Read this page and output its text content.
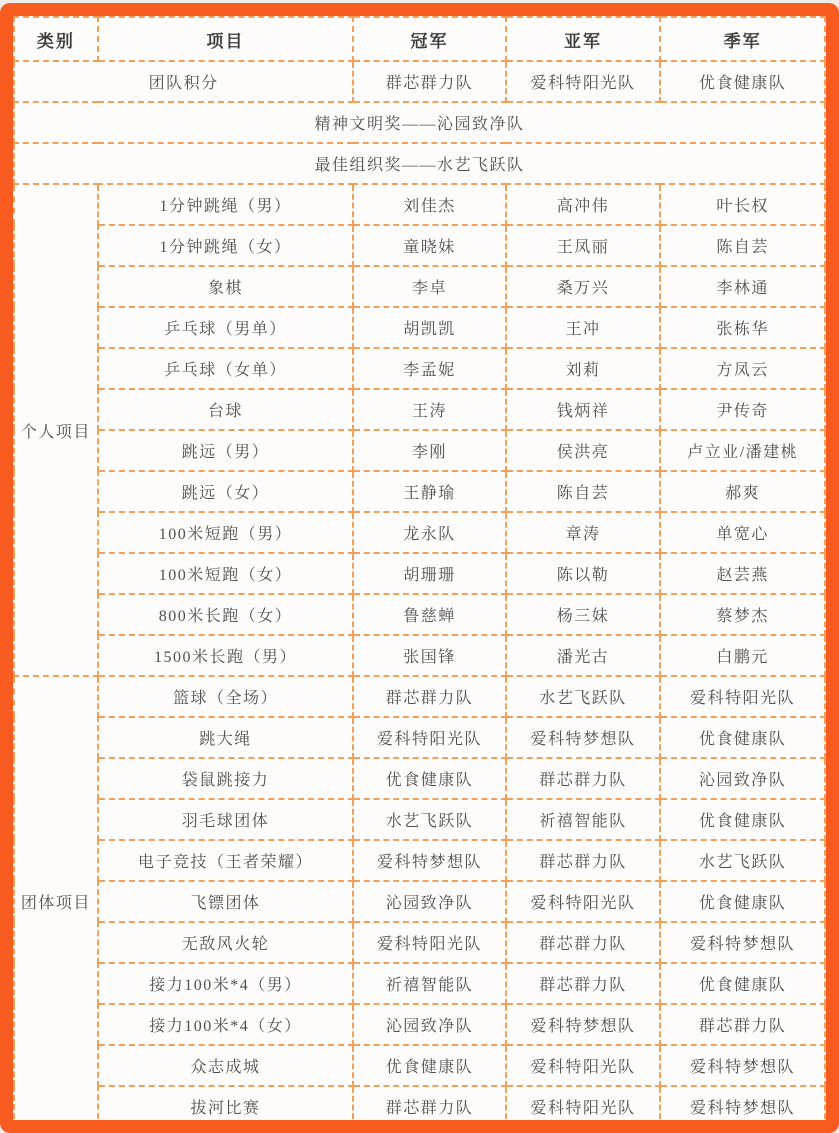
类别	项目	冠军	亚军	季军
团队积分		群芯群力队	爱科特阳光队	优食健康队
精神文明奖——沁园致净队				
最佳组织奖——水艺飞跃队				
个人项目	1分钟跳绳（男）	刘佳杰	高冲伟	叶长权
	1分钟跳绳（女）	童晓妹	王凤丽	陈自芸
	象棋	李卓	桑万兴	李林通
	乒乓球（男单）	胡凯凯	王冲	张栋华
	乒乓球（女单）	李孟妮	刘莉	方凤云
	台球	王涛	钱炳祥	尹传奇
	跳远（男）	李刚	侯洪亮	卢立业/潘建桃
	跳远（女）	王静瑜	陈自芸	郝爽
	100米短跑（男）	龙永队	章涛	单宽心
	100米短跑（女）	胡珊珊	陈以勒	赵芸燕
	800米长跑（女）	鲁慈蝉	杨三妹	蔡梦杰
	1500米长跑（男）	张国锋	潘光古	白鹏元
团体项目	篮球（全场）	群芯群力队	水艺飞跃队	爱科特阳光队
	跳大绳	爱科特阳光队	爱科特梦想队	优食健康队
	袋鼠跳接力	优食健康队	群芯群力队	沁园致净队
	羽毛球团体	水艺飞跃队	祈禧智能队	优食健康队
	电子竞技（王者荣耀）	爱科特梦想队	群芯群力队	水艺飞跃队
	飞镖团体	沁园致净队	爱科特阳光队	优食健康队
	无敌风火轮	爱科特阳光队	群芯群力队	爱科特梦想队
	接力100米*4（男）	祈禧智能队	群芯群力队	优食健康队
	接力100米*4（女）	沁园致净队	爱科特梦想队	群芯群力队
	众志成城	优食健康队	爱科特阳光队	爱科特梦想队
	拔河比赛	群芯群力队	爱科特阳光队	爱科特梦想队
